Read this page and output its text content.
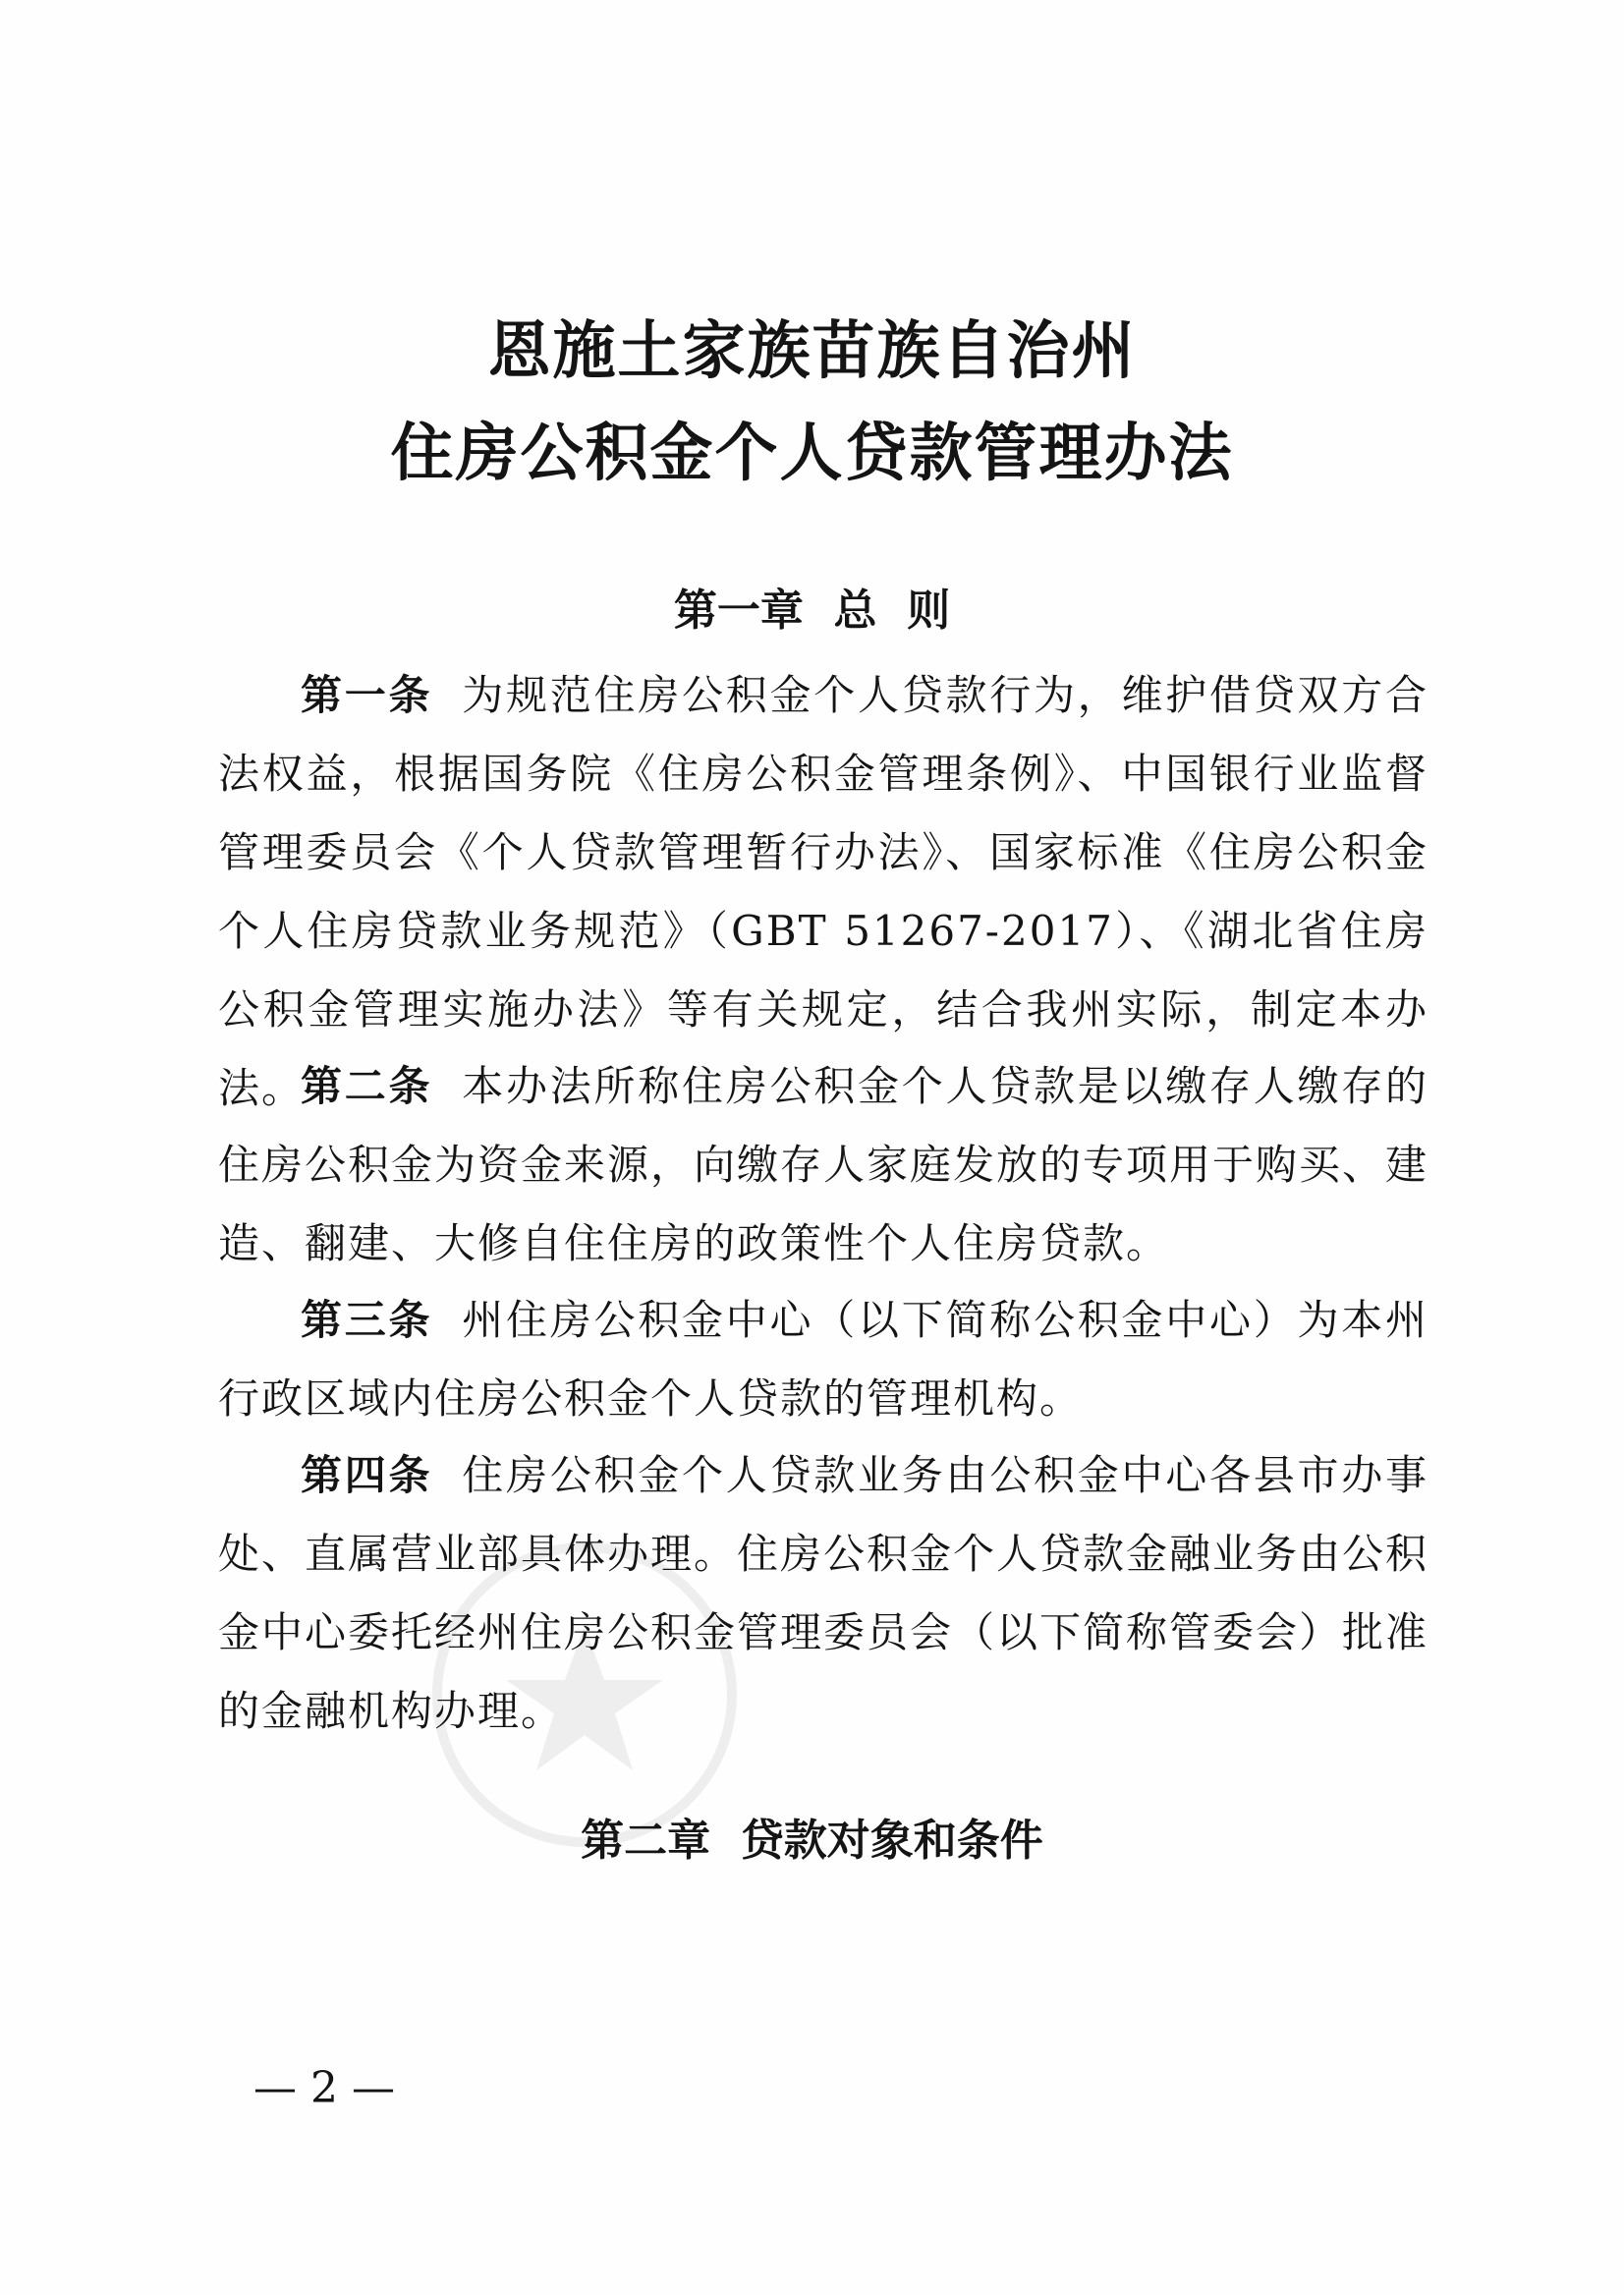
恩施土家族苗族自治州
住房公积金个人贷款管理办法
第一章  总  则

第一条 为规范住房公积金个人贷款行为，维护借贷双方合法权益，根据国务院《住房公积金管理条例》、中国银行业监督管理委员会《个人贷款管理暂行办法》、国家标准《住房公积金个人住房贷款业务规范》（GBT 51267-2017）、《湖北省住房公积金管理实施办法》等有关规定，结合我州实际，制定本办法。

第二条 本办法所称住房公积金个人贷款是以缴存人缴存的住房公积金为资金来源，向缴存人家庭发放的专项用于购买、建造、翻建、大修自住住房的政策性个人住房贷款。

第三条 州住房公积金中心（以下简称公积金中心）为本州行政区域内住房公积金个人贷款的管理机构。

第四条 住房公积金个人贷款业务由公积金中心各县市办事处、直属营业部具体办理。住房公积金个人贷款金融业务由公积金中心委托经州住房公积金管理委员会（以下简称管委会）批准的金融机构办理。

第二章  贷款对象和条件
— 2 —
